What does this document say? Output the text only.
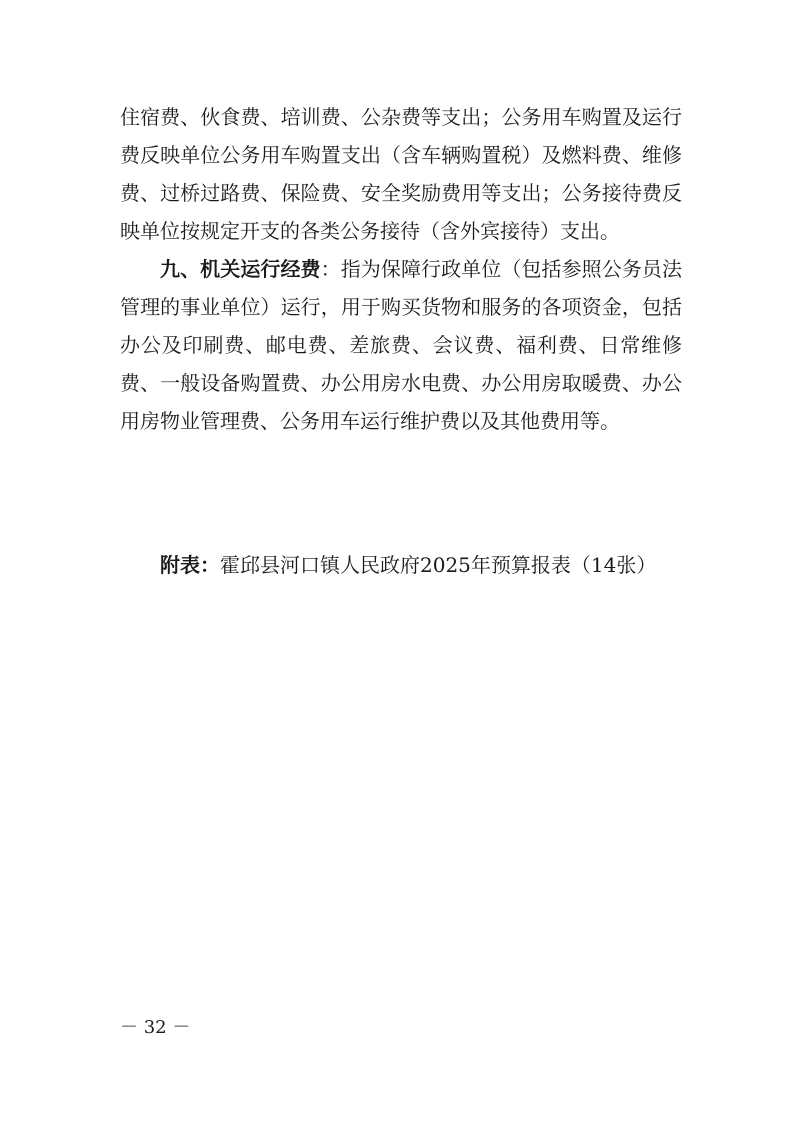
住宿费、伙食费、培训费、公杂费等支出；公务用车购置及运行费反映单位公务用车购置支出（含车辆购置税）及燃料费、维修费、过桥过路费、保险费、安全奖励费用等支出；公务接待费反映单位按规定开支的各类公务接待（含外宾接待）支出。

九、机关运行经费：指为保障行政单位（包括参照公务员法管理的事业单位）运行，用于购买货物和服务的各项资金，包括办公及印刷费、邮电费、差旅费、会议费、福利费、日常维修费、一般设备购置费、办公用房水电费、办公用房取暖费、办公用房物业管理费、公务用车运行维护费以及其他费用等。

附表：霍邱县河口镇人民政府2025年预算报表（14张）

－ 32 －
